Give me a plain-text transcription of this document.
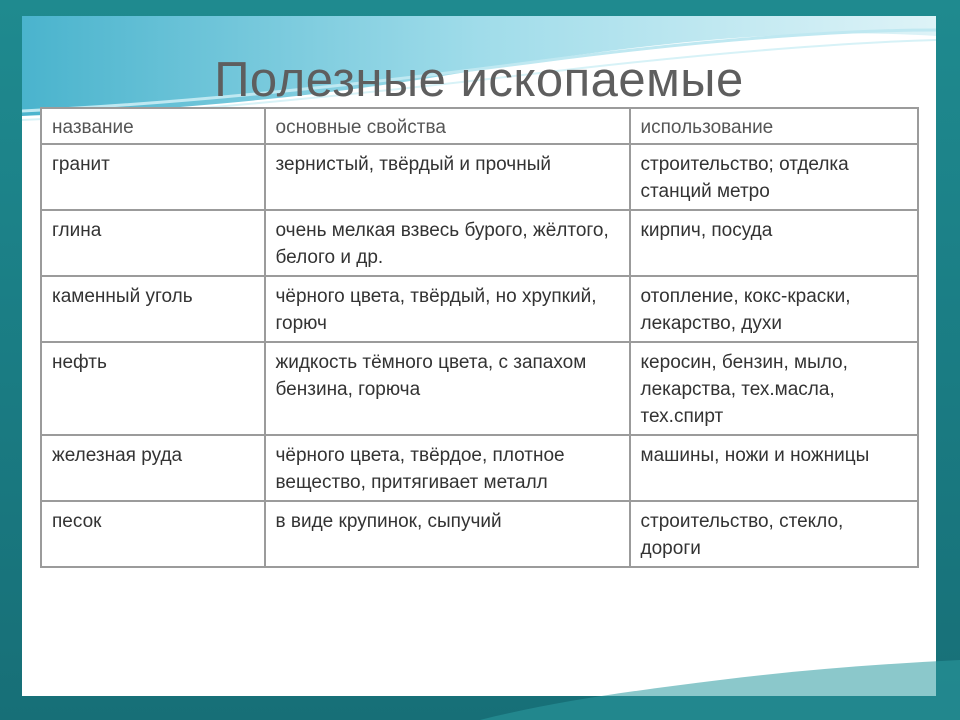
Полезные ископаемые
название	основные свойства	использование
гранит	зернистый, твёрдый и прочный	строительство; отделка станций метро
глина	очень мелкая взвесь бурого, жёлтого, белого и др.	кирпич, посуда
каменный уголь	чёрного цвета, твёрдый, но хрупкий, горюч	отопление, кокс-краски, лекарство, духи
нефть	жидкость тёмного цвета, с запахом бензина, горюча	керосин, бензин, мыло, лекарства, тех.масла, тех.спирт
железная руда	чёрного цвета, твёрдое, плотное вещество, притягивает металл	машины, ножи и ножницы
песок	в виде крупинок, сыпучий	строительство, стекло, дороги
